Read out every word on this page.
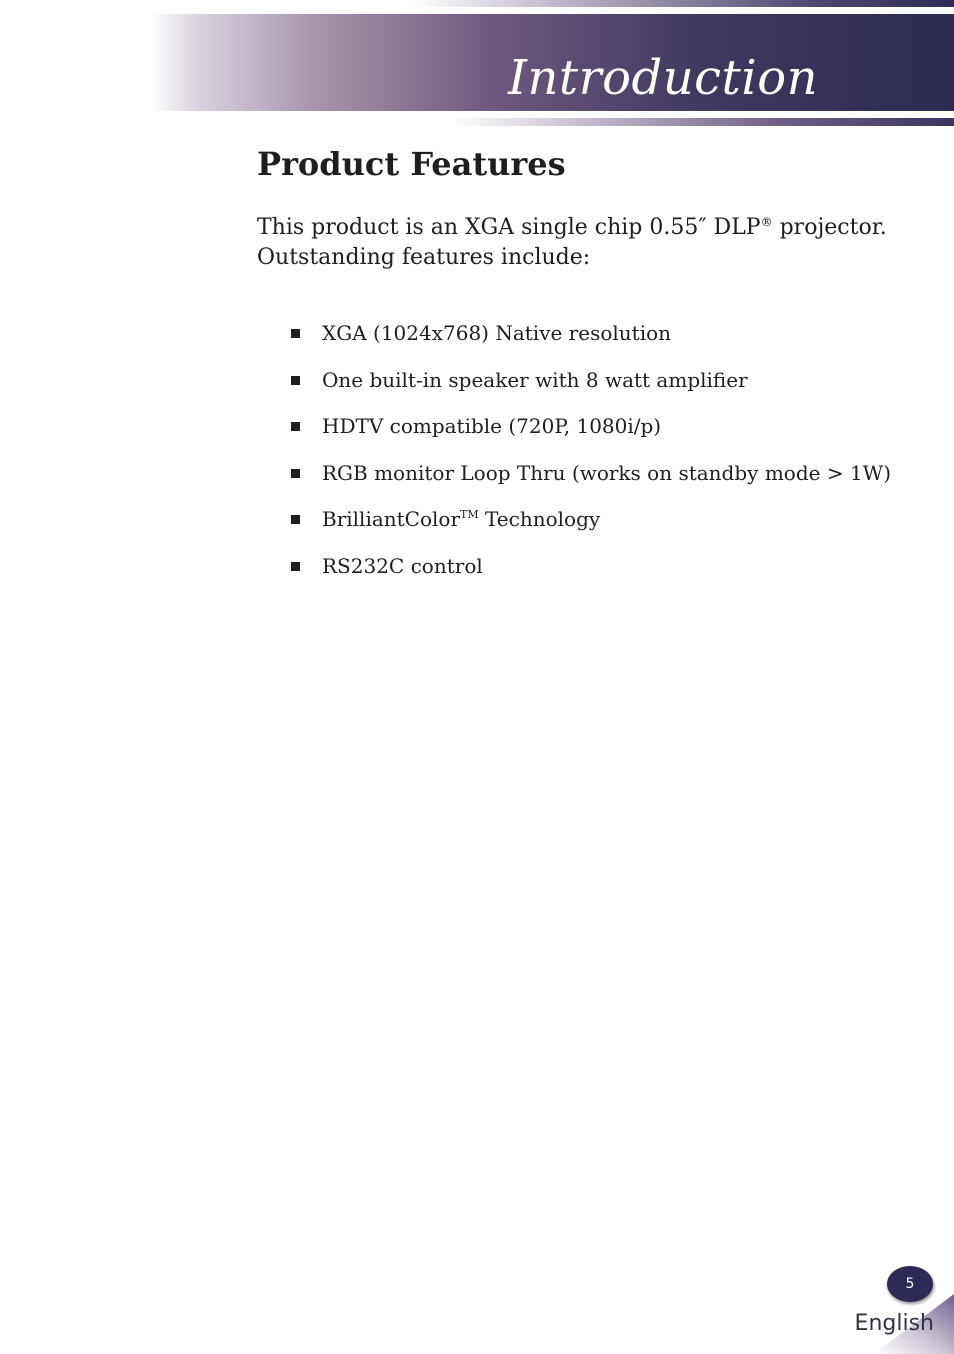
Introduction
Product Features
This product is an XGA single chip 0.55″ DLP® projector.
Outstanding features include:
XGA (1024x768) Native resolution
One built-in speaker with 8 watt amplifier
HDTV compatible (720P, 1080i/p)
RGB monitor Loop Thru (works on standby mode > 1W)
BrilliantColor™ Technology
RS232C control
5
English
